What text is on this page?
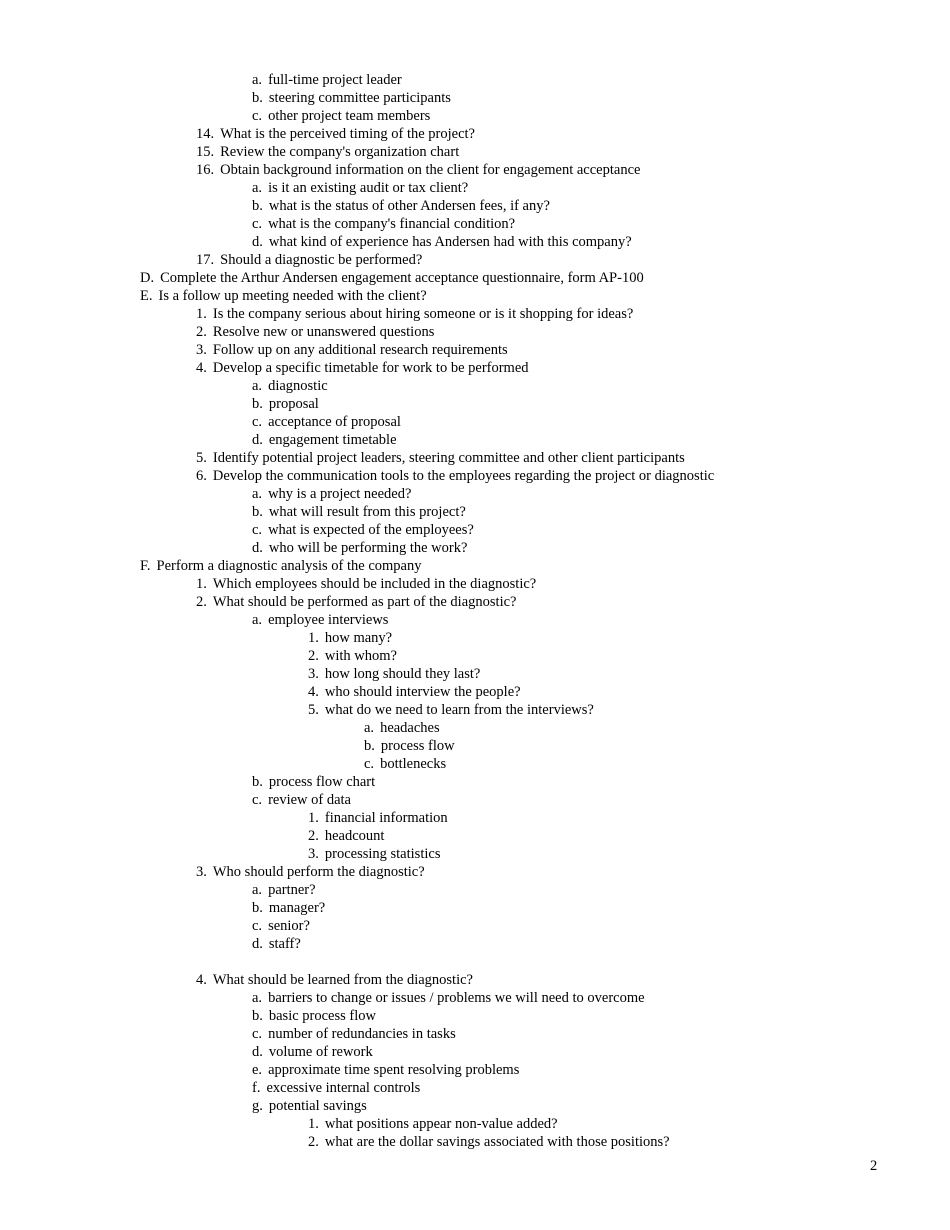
a. full-time project leader
b. steering committee participants
c. other project team members
14. What is the perceived timing of the project?
15. Review the company's organization chart
16. Obtain background information on the client for engagement acceptance
a. is it an existing audit or tax client?
b. what is the status of other Andersen fees, if any?
c. what is the company's financial condition?
d. what kind of experience has Andersen had with this company?
17. Should a diagnostic be performed?
D. Complete the Arthur Andersen engagement acceptance questionnaire, form AP-100
E. Is a follow up meeting needed with the client?
1. Is the company serious about hiring someone or is it shopping for ideas?
2. Resolve new or unanswered questions
3. Follow up on any additional research requirements
4. Develop a specific timetable for work to be performed
a. diagnostic
b. proposal
c. acceptance of proposal
d. engagement timetable
5. Identify potential project leaders, steering committee and other client participants
6. Develop the communication tools to the employees regarding the project or diagnostic
a. why is a project needed?
b. what will result from this project?
c. what is expected of the employees?
d. who will be performing the work?
F. Perform a diagnostic analysis of the company
1. Which employees should be included in the diagnostic?
2. What should be performed as part of the diagnostic?
a. employee interviews
1. how many?
2. with whom?
3. how long should they last?
4. who should interview the people?
5. what do we need to learn from the interviews?
a. headaches
b. process flow
c. bottlenecks
b. process flow chart
c. review of data
1. financial information
2. headcount
3. processing statistics
3. Who should perform the diagnostic?
a. partner?
b. manager?
c. senior?
d. staff?
4. What should be learned from the diagnostic?
a. barriers to change or issues / problems we will need to overcome
b. basic process flow
c. number of redundancies in tasks
d. volume of rework
e. approximate time spent resolving problems
f. excessive internal controls
g. potential savings
1. what positions appear non-value added?
2. what are the dollar savings associated with those positions?
2
